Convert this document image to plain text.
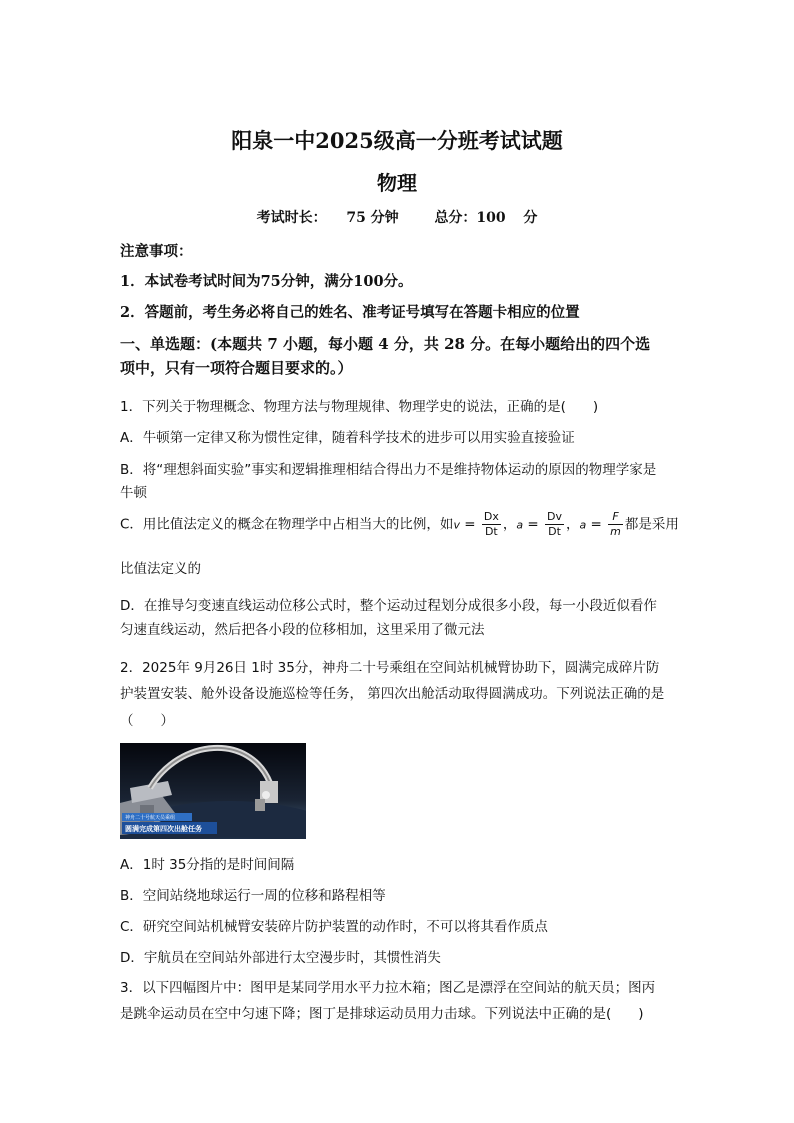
阳泉一中2025级高一分班考试试题
物理
考试时长： 75 分钟	总分：100 分
注意事项：
1．本试卷考试时间为75分钟，满分100分。
2．答题前，考生务必将自己的姓名、准考证号填写在答题卡相应的位置
一、单选题：(本题共 7 小题，每小题 4 分，共 28 分。在每小题给出的四个选
项中，只有一项符合题目要求的。）
1．下列关于物理概念、物理方法与物理规律、物理学史的说法，正确的是(　　)
A．牛顿第一定律又称为惯性定律，随着科学技术的进步可以用实验直接验证
B．将“理想斜面实验”事实和逻辑推理相结合得出力不是维持物体运动的原因的物理学家是
牛顿
C．用比值法定义的概念在物理学中占相当大的比例，如$v = \frac{Dx}{Dt}$ ，$a = \frac{Dv}{Dt}$ ，$a = \frac{F}{m}$ 都是采用
比值法定义的
D．在推导匀变速直线运动位移公式时，整个运动过程划分成很多小段，每一小段近似看作
匀速直线运动，然后把各小段的位移相加，这里采用了微元法
2．2025年 9月26日 1时 35分，神舟二十号乘组在空间站机械臂协助下，圆满完成碎片防
护装置安装、舱外设备设施巡检等任务， 第四次出舱活动取得圆满成功。下列说法正确的是
（　　）
神舟二十号航天员乘组
圆满完成第四次出舱任务
A．1时 35分指的是时间间隔
B．空间站绕地球运行一周的位移和路程相等
C．研究空间站机械臂安装碎片防护装置的动作时，不可以将其看作质点
D．宇航员在空间站外部进行太空漫步时，其惯性消失
3．以下四幅图片中：图甲是某同学用水平力拉木箱；图乙是漂浮在空间站的航天员；图丙
是跳伞运动员在空中匀速下降；图丁是排球运动员用力击球。下列说法中正确的是(　　)
